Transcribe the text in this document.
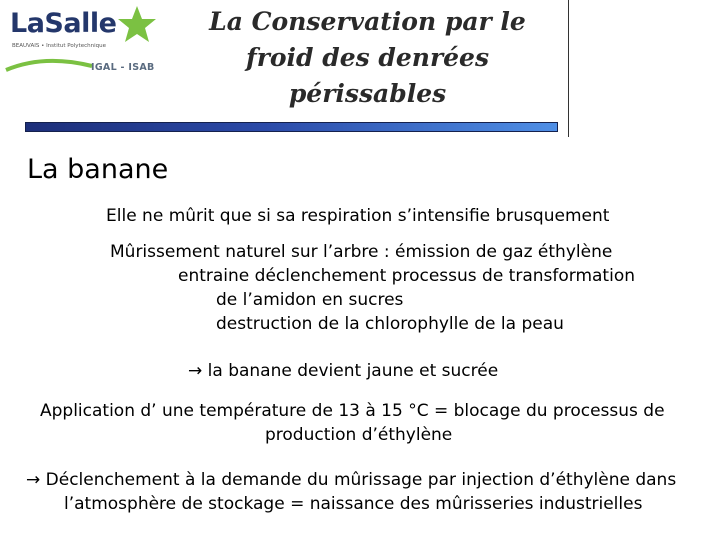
LaSalle
BEAUVAIS • Institut Polytechnique
IGAL - ISAB
La Conservation par le
froid des denrées
périssables
La banane
Elle ne mûrit que si sa respiration s’intensifie brusquement
Mûrissement naturel sur l’arbre : émission de gaz éthylène
entraine déclenchement processus de transformation
de l’amidon en sucres
destruction de la chlorophylle de la peau
→ la banane devient jaune et sucrée
Application d’ une température de 13 à 15 °C = blocage du processus de
production d’éthylène
→ Déclenchement à la demande du mûrissage par injection d’éthylène dans
l’atmosphère de stockage = naissance des mûrisseries industrielles
